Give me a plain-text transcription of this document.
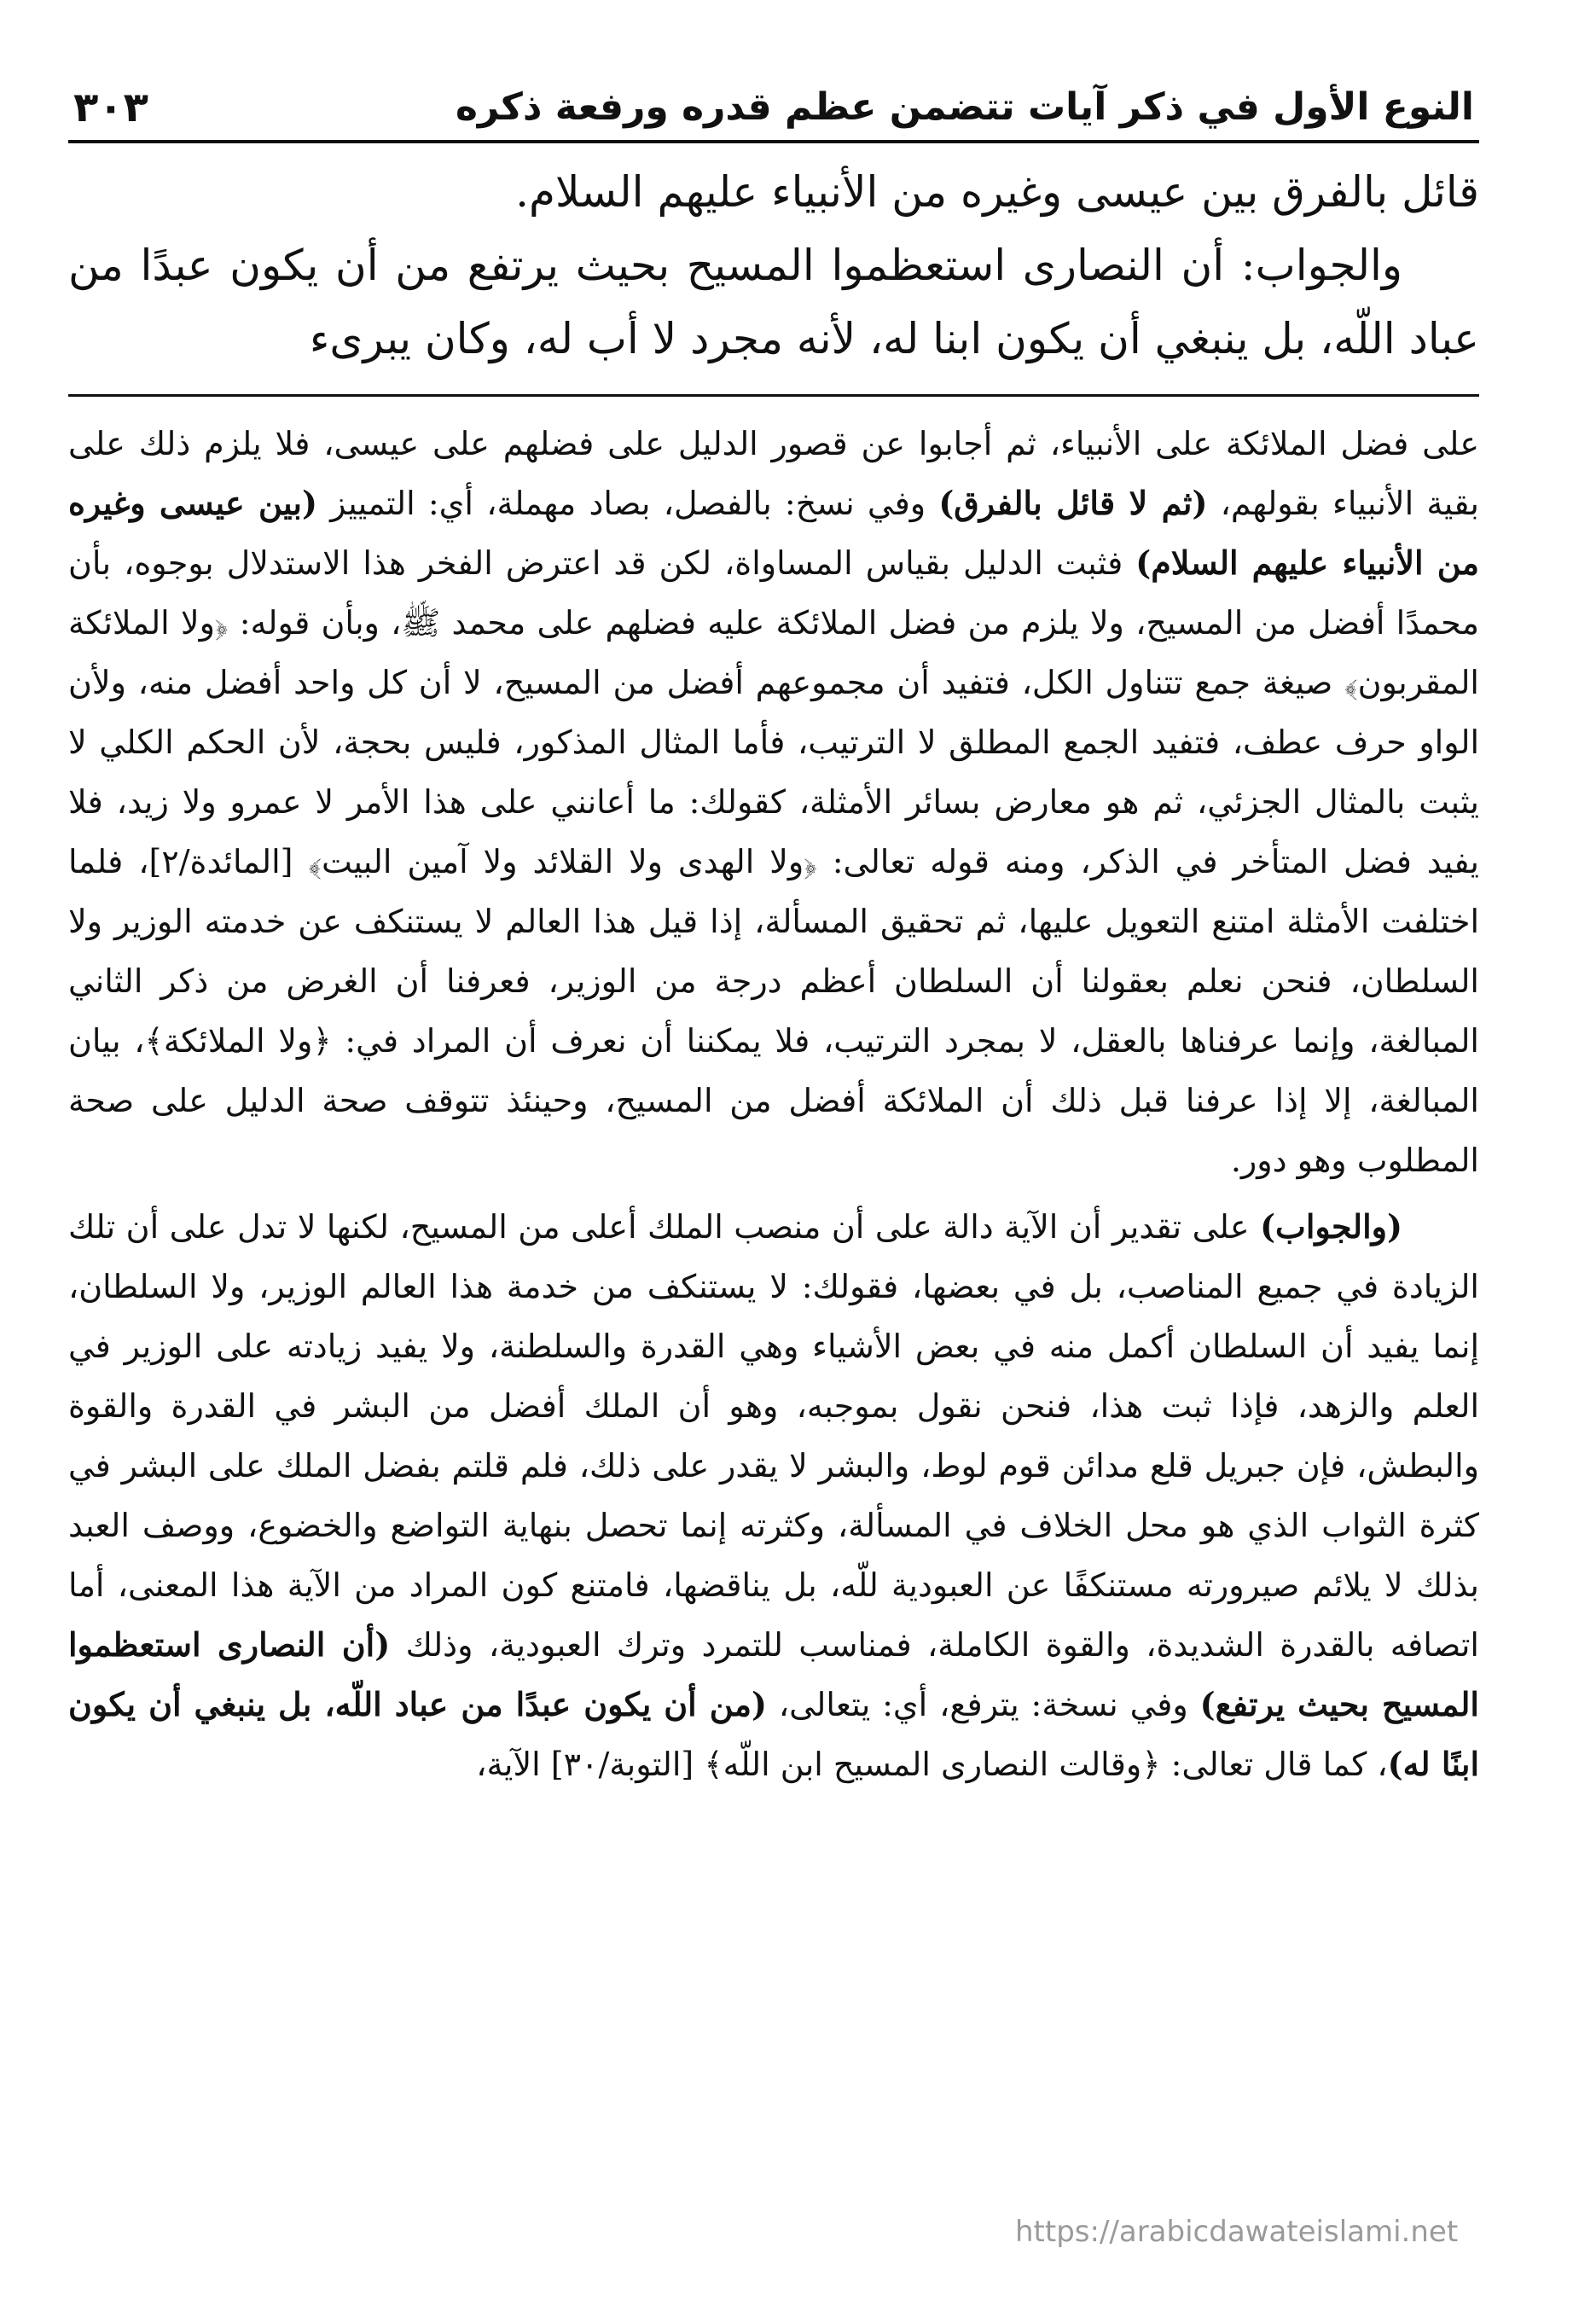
النوع الأول في ذكر آيات تتضمن عظم قدره ورفعة ذكره
٣٠٣

قائل بالفرق بين عيسى وغيره من الأنبياء عليهم السلام.

والجواب: أن النصارى استعظموا المسيح بحيث يرتفع من أن يكون عبدًا من عباد اللّه، بل ينبغي أن يكون ابنا له، لأنه مجرد لا أب له، وكان يبرىء

على فضل الملائكة على الأنبياء، ثم أجابوا عن قصور الدليل على فضلهم على عيسى، فلا يلزم ذلك على بقية الأنبياء بقولهم، (ثم لا قائل بالفرق) وفي نسخ: بالفصل، بصاد مهملة، أي: التمييز (بين عيسى وغيره من الأنبياء عليهم السلام) فثبت الدليل بقياس المساواة، لكن قد اعترض الفخر هذا الاستدلال بوجوه، بأن محمدًا أفضل من المسيح، ولا يلزم من فضل الملائكة عليه فضلهم على محمد ﷺ، وبأن قوله: ﴿ولا الملائكة المقربون﴾ صيغة جمع تتناول الكل، فتفيد أن مجموعهم أفضل من المسيح، لا أن كل واحد أفضل منه، ولأن الواو حرف عطف، فتفيد الجمع المطلق لا الترتيب، فأما المثال المذكور، فليس بحجة، لأن الحكم الكلي لا يثبت بالمثال الجزئي، ثم هو معارض بسائر الأمثلة، كقولك: ما أعانني على هذا الأمر لا عمرو ولا زيد، فلا يفيد فضل المتأخر في الذكر، ومنه قوله تعالى: ﴿ولا الهدى ولا القلائد ولا آمين البيت﴾ [المائدة/٢]، فلما اختلفت الأمثلة امتنع التعويل عليها، ثم تحقيق المسألة، إذا قيل هذا العالم لا يستنكف عن خدمته الوزير ولا السلطان، فنحن نعلم بعقولنا أن السلطان أعظم درجة من الوزير، فعرفنا أن الغرض من ذكر الثاني المبالغة، وإنما عرفناها بالعقل، لا بمجرد الترتيب، فلا يمكننا أن نعرف أن المراد في: ﴿ولا الملائكة﴾، بيان المبالغة، إلا إذا عرفنا قبل ذلك أن الملائكة أفضل من المسيح، وحينئذ تتوقف صحة الدليل على صحة المطلوب وهو دور.

(والجواب) على تقدير أن الآية دالة على أن منصب الملك أعلى من المسيح، لكنها لا تدل على أن تلك الزيادة في جميع المناصب، بل في بعضها، فقولك: لا يستنكف من خدمة هذا العالم الوزير، ولا السلطان، إنما يفيد أن السلطان أكمل منه في بعض الأشياء وهي القدرة والسلطنة، ولا يفيد زيادته على الوزير في العلم والزهد، فإذا ثبت هذا، فنحن نقول بموجبه، وهو أن الملك أفضل من البشر في القدرة والقوة والبطش، فإن جبريل قلع مدائن قوم لوط، والبشر لا يقدر على ذلك، فلم قلتم بفضل الملك على البشر في كثرة الثواب الذي هو محل الخلاف في المسألة، وكثرته إنما تحصل بنهاية التواضع والخضوع، ووصف العبد بذلك لا يلائم صيرورته مستنكفًا عن العبودية للّه، بل يناقضها، فامتنع كون المراد من الآية هذا المعنى، أما اتصافه بالقدرة الشديدة، والقوة الكاملة، فمناسب للتمرد وترك العبودية، وذلك (أن النصارى استعظموا المسيح بحيث يرتفع) وفي نسخة: يترفع، أي: يتعالى، (من أن يكون عبدًا من عباد اللّه، بل ينبغي أن يكون ابنًا له)، كما قال تعالى: ﴿وقالت النصارى المسيح ابن اللّه﴾ [التوبة/٣٠] الآية،

https://arabicdawateislami.net
